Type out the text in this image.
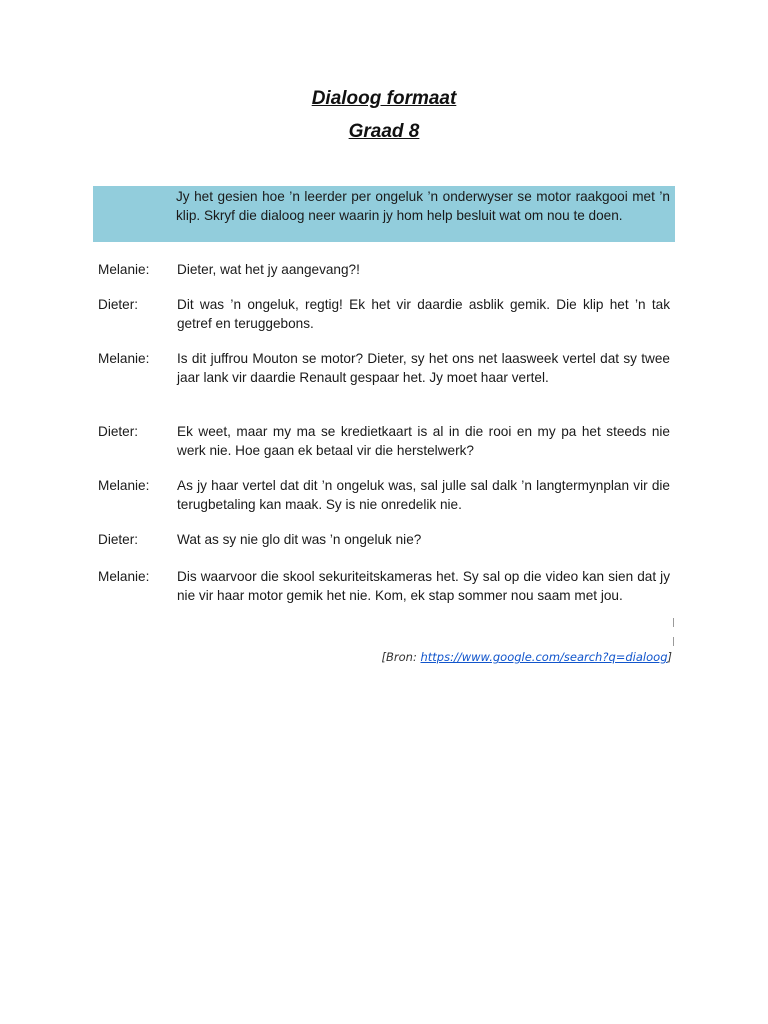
Dialoog formaat
Graad 8
Jy het gesien hoe ’n leerder per ongeluk ’n onderwyser se motor raakgooi met ’n klip. Skryf die dialoog neer waarin jy hom help besluit wat om nou te doen.
Melanie:	Dieter, wat het jy aangevang?!
Dieter:	Dit was ’n ongeluk, regtig! Ek het vir daardie asblik gemik. Die klip het ’n tak getref en teruggebons.
Melanie:	Is dit juffrou Mouton se motor? Dieter, sy het ons net laasweek vertel dat sy twee jaar lank vir daardie Renault gespaar het. Jy moet haar vertel.
Dieter:	Ek weet, maar my ma se kredietkaart is al in die rooi en my pa het steeds nie werk nie. Hoe gaan ek betaal vir die herstelwerk?
Melanie:	As jy haar vertel dat dit ’n ongeluk was, sal julle sal dalk ’n langtermynplan vir die terugbetaling kan maak. Sy is nie onredelik nie.
Dieter:	Wat as sy nie glo dit was ’n ongeluk nie?
Melanie:	Dis waarvoor die skool sekuriteitskameras het. Sy sal op die video kan sien dat jy nie vir haar motor gemik het nie. Kom, ek stap sommer nou saam met jou.
[Bron: https://www.google.com/search?q=dialoog]
